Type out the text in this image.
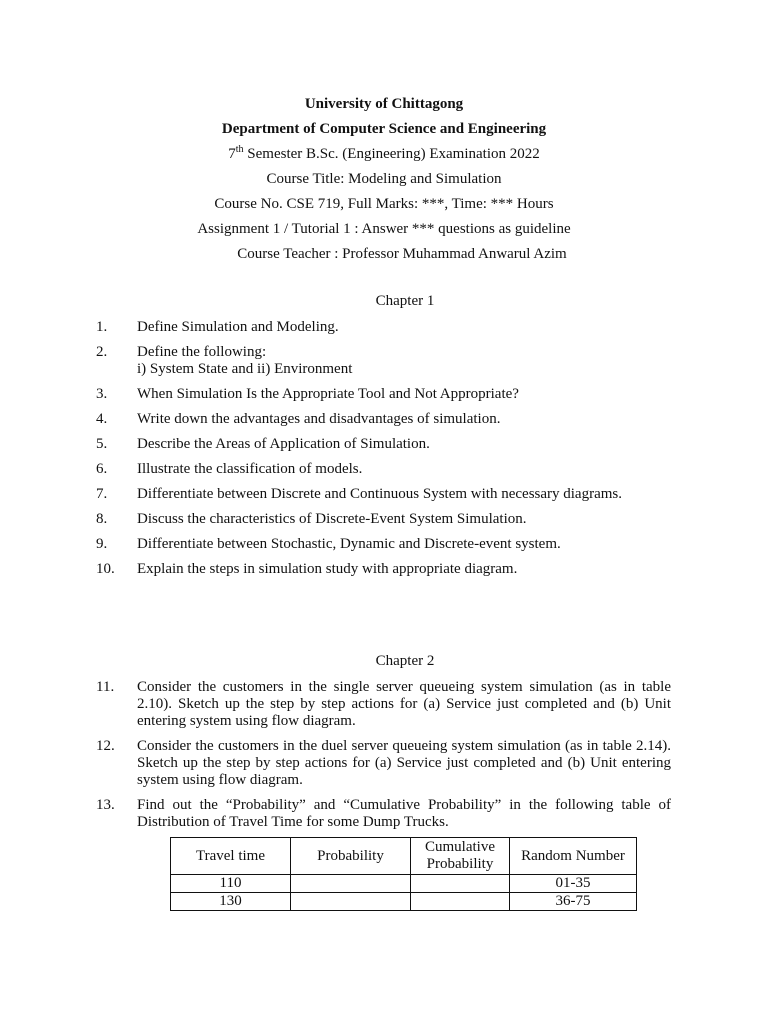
University of Chittagong
Department of Computer Science and Engineering
7th Semester B.Sc. (Engineering) Examination 2022
Course Title: Modeling and Simulation
Course No. CSE 719, Full Marks: ***, Time: *** Hours
Assignment 1 / Tutorial 1 : Answer *** questions as guideline
Course Teacher : Professor Muhammad Anwarul Azim
Chapter 1
1. Define Simulation and Modeling.
2. Define the following:
i) System State and ii) Environment
3. When Simulation Is the Appropriate Tool and Not Appropriate?
4. Write down the advantages and disadvantages of simulation.
5. Describe the Areas of Application of Simulation.
6. Illustrate the classification of models.
7. Differentiate between Discrete and Continuous System with necessary diagrams.
8. Discuss the characteristics of Discrete-Event System Simulation.
9. Differentiate between Stochastic, Dynamic and Discrete-event system.
10. Explain the steps in simulation study with appropriate diagram.
Chapter 2
11. Consider the customers in the single server queueing system simulation (as in table 2.10). Sketch up the step by step actions for (a) Service just completed and (b) Unit entering system using flow diagram.
12. Consider the customers in the duel server queueing system simulation (as in table 2.14). Sketch up the step by step actions for (a) Service just completed and (b) Unit entering system using flow diagram.
13. Find out the “Probability” and “Cumulative Probability” in the following table of Distribution of Travel Time for some Dump Trucks.
Travel time	Probability	Cumulative Probability	Random Number
110			01-35
130			36-75
